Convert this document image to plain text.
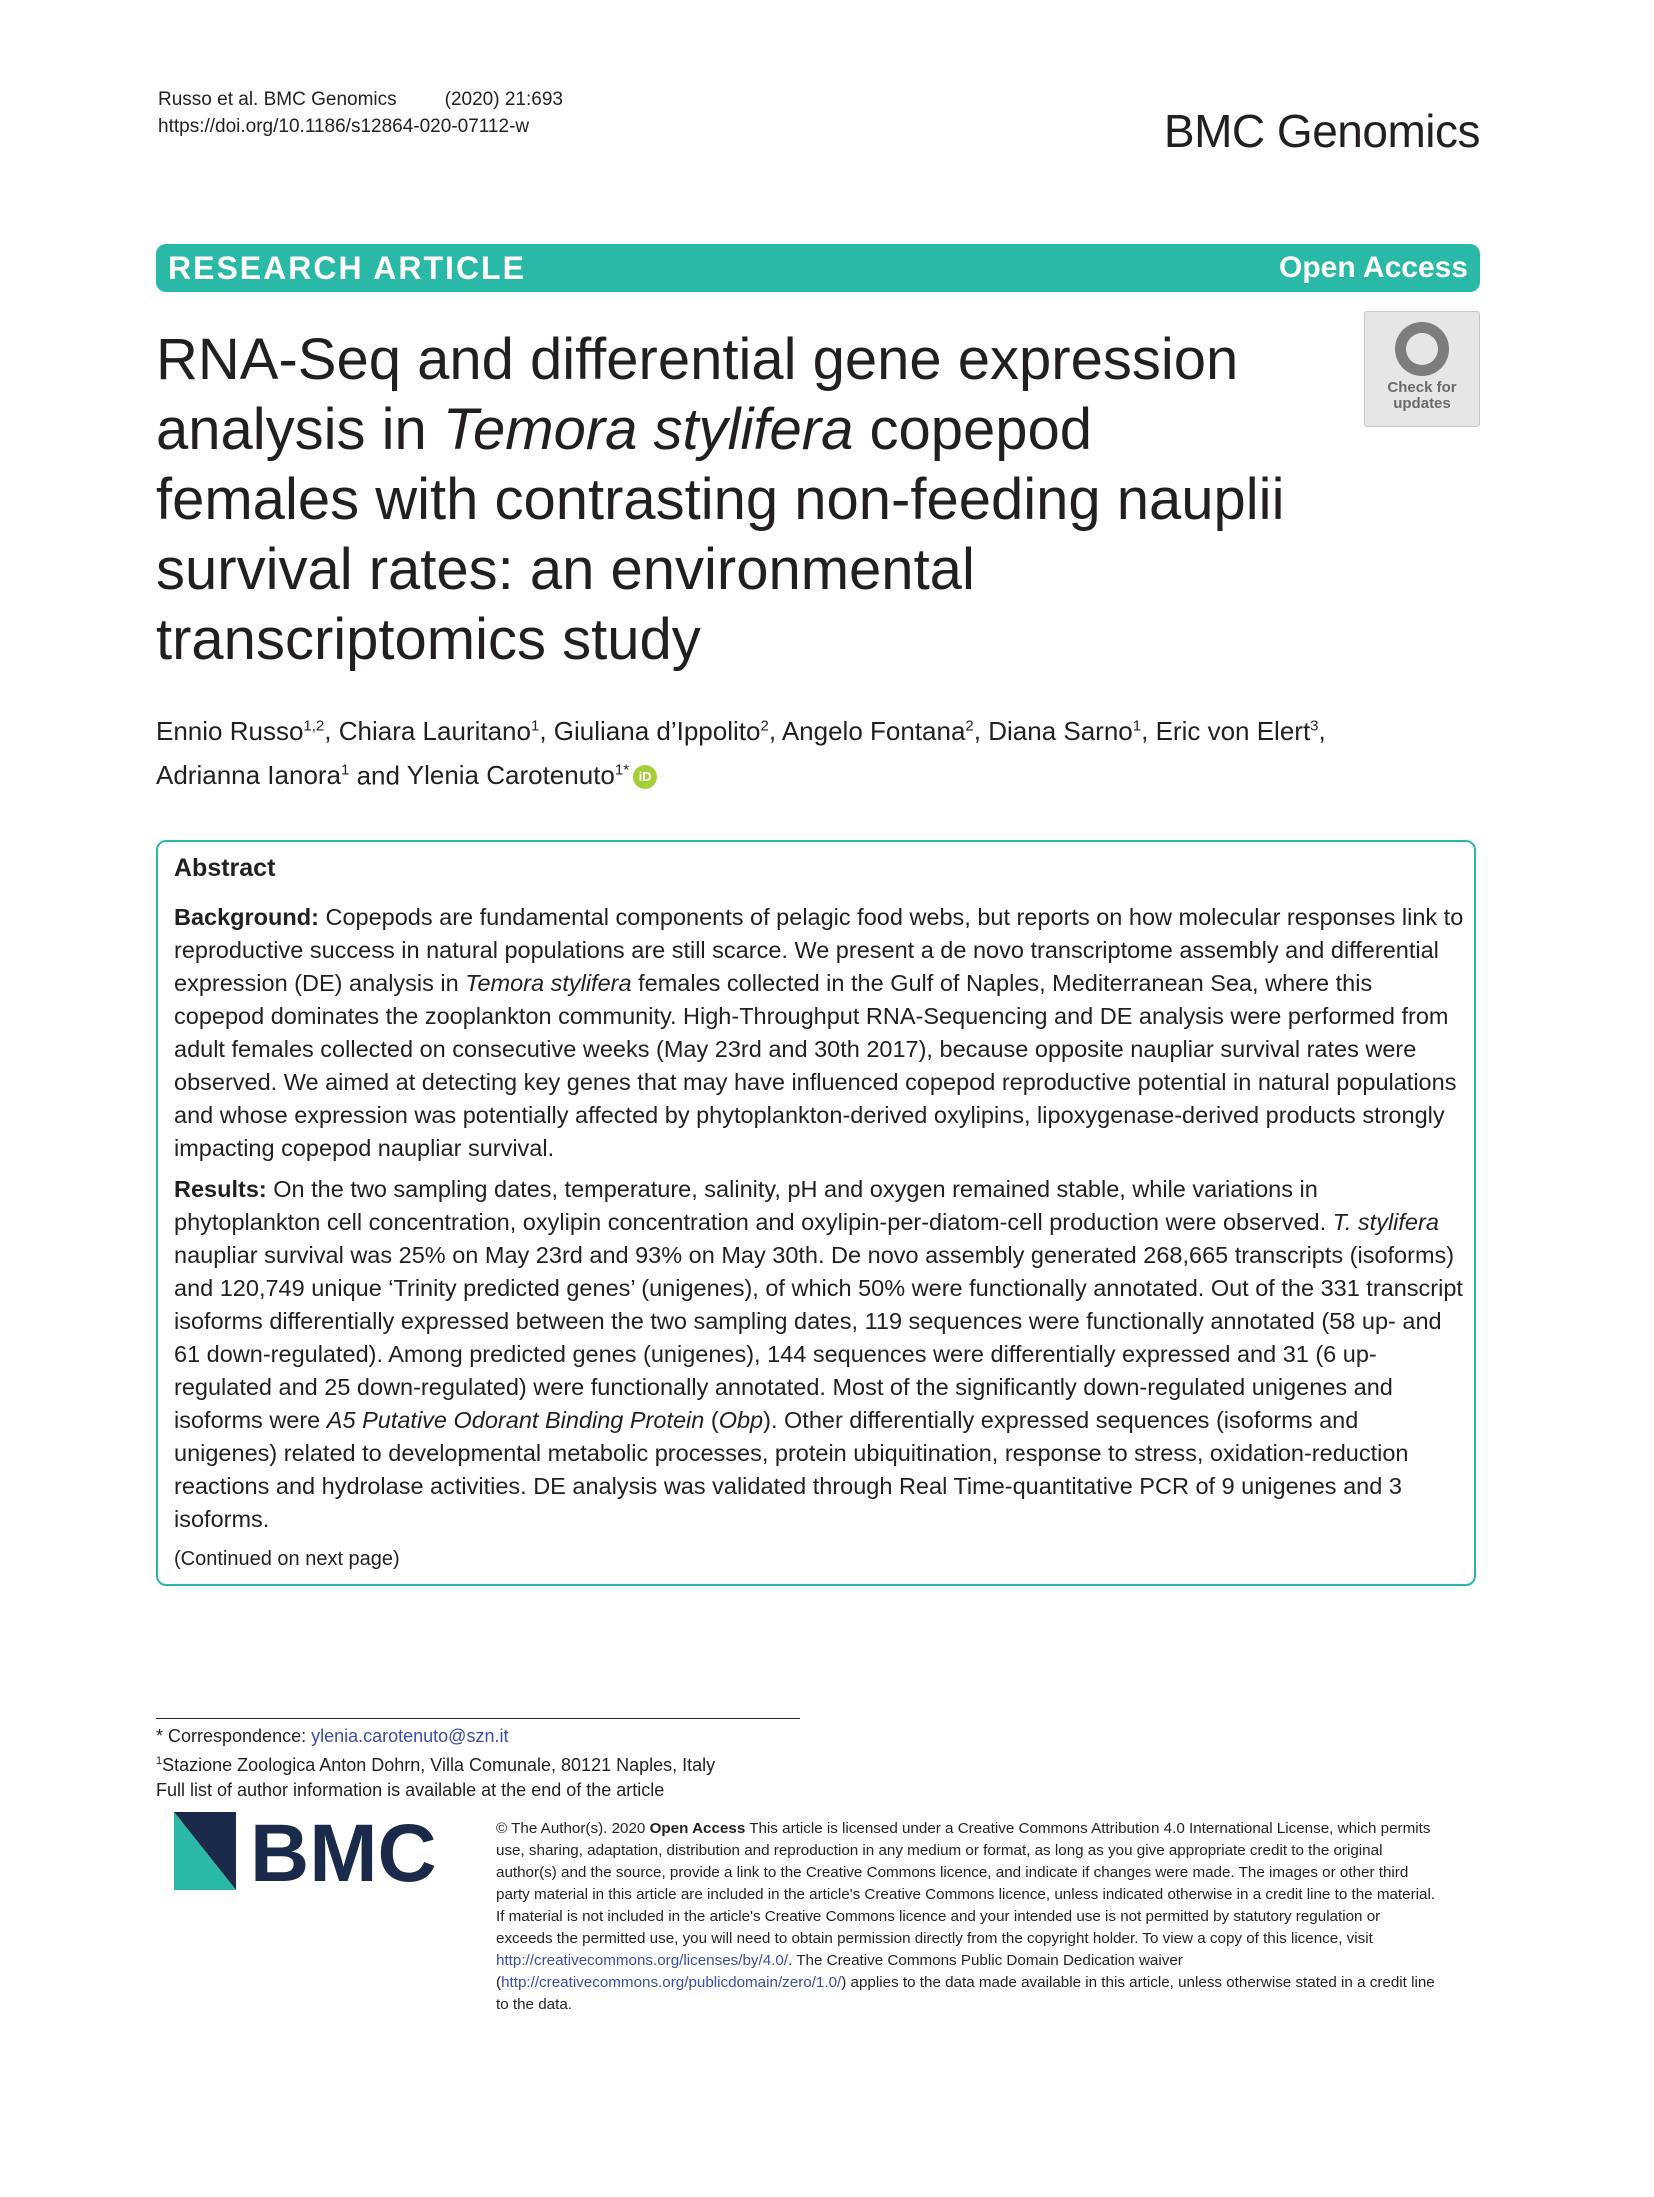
Russo et al. BMC Genomics	(2020) 21:693
https://doi.org/10.1186/s12864-020-07112-w	BMC Genomics
RESEARCH ARTICLE	Open Access
RNA-Seq and differential gene expression analysis in Temora stylifera copepod females with contrasting non-feeding nauplii survival rates: an environmental transcriptomics study
Check for
updates
Ennio Russo$^{1,2}$, Chiara Lauritano$^1$, Giuliana d’Ippolito$^2$, Angelo Fontana$^2$, Diana Sarno$^1$, Eric von Elert$^3$,
Adrianna Ianora$^1$ and Ylenia Carotenuto$^{1*}$ iD
Abstract

Background: Copepods are fundamental components of pelagic food webs, but reports on how molecular responses link to reproductive success in natural populations are still scarce. We present a de novo transcriptome assembly and differential expression (DE) analysis in Temora stylifera females collected in the Gulf of Naples, Mediterranean Sea, where this copepod dominates the zooplankton community. High-Throughput RNA-Sequencing and DE analysis were performed from adult females collected on consecutive weeks (May 23rd and 30th 2017), because opposite naupliar survival rates were observed. We aimed at detecting key genes that may have influenced copepod reproductive potential in natural populations and whose expression was potentially affected by phytoplankton-derived oxylipins, lipoxygenase-derived products strongly impacting copepod naupliar survival.

Results: On the two sampling dates, temperature, salinity, pH and oxygen remained stable, while variations in phytoplankton cell concentration, oxylipin concentration and oxylipin-per-diatom-cell production were observed. T. stylifera naupliar survival was 25% on May 23rd and 93% on May 30th. De novo assembly generated 268,665 transcripts (isoforms) and 120,749 unique ‘Trinity predicted genes’ (unigenes), of which 50% were functionally annotated. Out of the 331 transcript isoforms differentially expressed between the two sampling dates, 119 sequences were functionally annotated (58 up- and 61 down-regulated). Among predicted genes (unigenes), 144 sequences were differentially expressed and 31 (6 up-regulated and 25 down-regulated) were functionally annotated. Most of the significantly down-regulated unigenes and isoforms were A5 Putative Odorant Binding Protein (Obp). Other differentially expressed sequences (isoforms and unigenes) related to developmental metabolic processes, protein ubiquitination, response to stress, oxidation-reduction reactions and hydrolase activities. DE analysis was validated through Real Time-quantitative PCR of 9 unigenes and 3 isoforms.

(Continued on next page)
* Correspondence: ylenia.carotenuto@szn.it
$^1$Stazione Zoologica Anton Dohrn, Villa Comunale, 80121 Naples, Italy
Full list of author information is available at the end of the article
BMC	© The Author(s). 2020 Open Access This article is licensed under a Creative Commons Attribution 4.0 International License, which permits use, sharing, adaptation, distribution and reproduction in any medium or format, as long as you give appropriate credit to the original author(s) and the source, provide a link to the Creative Commons licence, and indicate if changes were made. The images or other third party material in this article are included in the article's Creative Commons licence, unless indicated otherwise in a credit line to the material. If material is not included in the article's Creative Commons licence and your intended use is not permitted by statutory regulation or exceeds the permitted use, you will need to obtain permission directly from the copyright holder. To view a copy of this licence, visit http://creativecommons.org/licenses/by/4.0/. The Creative Commons Public Domain Dedication waiver (http://creativecommons.org/publicdomain/zero/1.0/) applies to the data made available in this article, unless otherwise stated in a credit line to the data.
